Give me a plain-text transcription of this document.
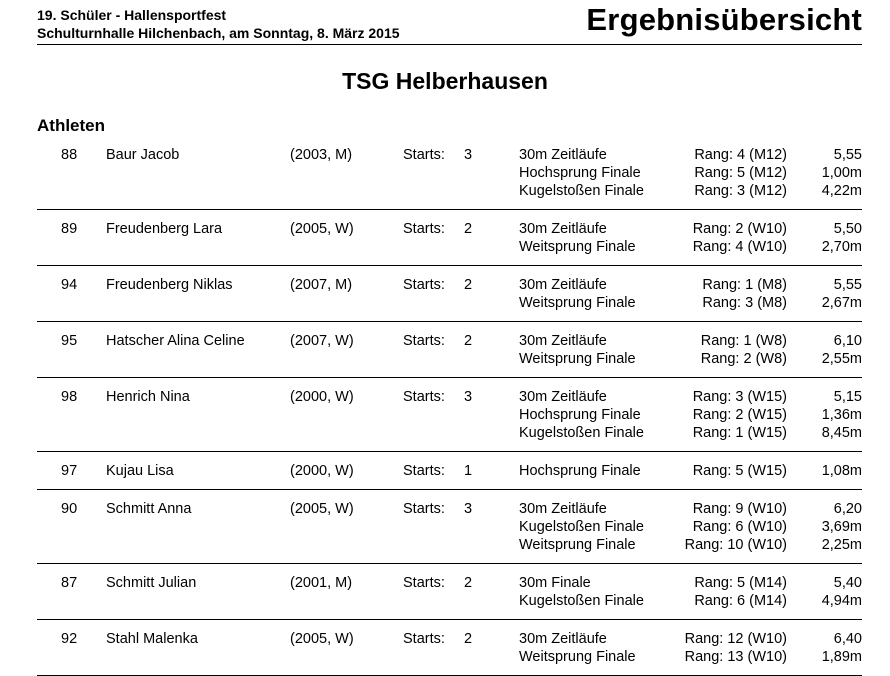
19. Schüler - Hallensportfest
Schulturnhalle Hilchenbach, am Sonntag, 8. März 2015	Ergebnisübersicht
TSG Helberhausen
Athleten
Starts:
88 Baur Jacob	(2003, M)	3	30m Zeitläufe	Rang: 4 (M12)	5,55
Hochsprung Finale	Rang: 5 (M12) 1,00m
Kugelstoßen Finale	Rang: 3 (M12) 4,22m
Starts:
89 Freudenberg Lara	(2005, W)	2	30m Zeitläufe	Rang: 2 (W10)	5,50
Weitsprung Finale	Rang: 4 (W10) 2,70m
Starts:
94 Freudenberg Niklas	(2007, M)	2	30m Zeitläufe	Rang: 1 (M8)	5,55
Weitsprung Finale	Rang: 3 (M8) 2,67m
Starts:
95 Hatscher Alina Celine	(2007, W)	2	30m Zeitläufe	Rang: 1 (W8)	6,10
Weitsprung Finale	Rang: 2 (W8) 2,55m
Starts:
98 Henrich Nina	(2000, W)	3	30m Zeitläufe	Rang: 3 (W15)	5,15
Hochsprung Finale	Rang: 2 (W15) 1,36m
Kugelstoßen Finale	Rang: 1 (W15) 8,45m
Starts:
97 Kujau Lisa	(2000, W)	1	Hochsprung Finale	Rang: 5 (W15) 1,08m
Starts:
90 Schmitt Anna	(2005, W)	3	30m Zeitläufe	Rang: 9 (W10)	6,20
Kugelstoßen Finale	Rang: 6 (W10) 3,69m
Weitsprung Finale	Rang: 10 (W10) 2,25m
Starts:
87 Schmitt Julian	(2001, M)	2	30m Finale	Rang: 5 (M14)	5,40
Kugelstoßen Finale	Rang: 6 (M14) 4,94m
Starts:
92 Stahl Malenka	(2005, W)	2	30m Zeitläufe	Rang: 12 (W10)	6,40
Weitsprung Finale	Rang: 13 (W10) 1,89m
